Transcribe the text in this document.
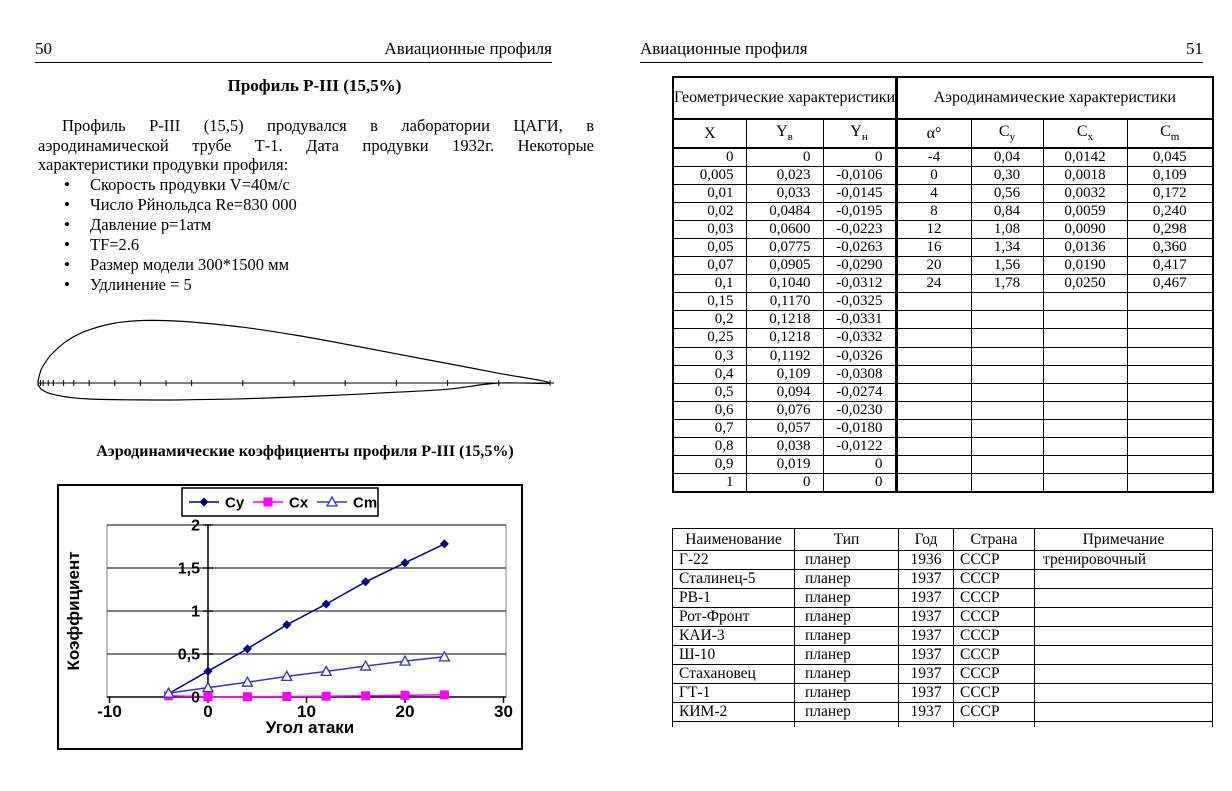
50	Авиационные профиля
Профиль Р-III (15,5%)
Профиль Р-III (15,5) продувался в лаборатории ЦАГИ, в
аэродинамической трубе Т-1. Дата продувки 1932г. Некоторые
характеристики продувки профиля:
• Скорость продувки V=40м/с
• Число Рйнольдса Re=830 000
• Давление р=1атм
• TF=2.6
• Размер модели 300*1500 мм
• Удлинение = 5
Аэродинамические коэффициенты профиля Р-III (15,5%)
0
0,5
1
1,5
2
-10	0	10	20	30
Угол атаки
Коэффициент
Cy	Cx	Cm
Авиационные профиля	51
Геометрические характеристики			Аэродинамические характеристики			
X	$Y_в$	$Y_н$	α°	$C_y$	$C_x$	$C_m$
0	0	0	-4	0,04	0,0142	0,045
0,005	0,023	-0,0106	0	0,30	0,0018	0,109
0,01	0,033	-0,0145	4	0,56	0,0032	0,172
0,02	0,0484	-0,0195	8	0,84	0,0059	0,240
0,03	0,0600	-0,0223	12	1,08	0,0090	0,298
0,05	0,0775	-0,0263	16	1,34	0,0136	0,360
0,07	0,0905	-0,0290	20	1,56	0,0190	0,417
0,1	0,1040	-0,0312	24	1,78	0,0250	0,467
0,15	0,1170	-0,0325				
0,2	0,1218	-0,0331				
0,25	0,1218	-0,0332				
0,3	0,1192	-0,0326				
0,4	0,109	-0,0308				
0,5	0,094	-0,0274				
0,6	0,076	-0,0230				
0,7	0,057	-0,0180				
0,8	0,038	-0,0122				
0,9	0,019	0				
1	0	0				
Наименование	Тип	Год	Страна	Примечание
Г-22	планер	1936	СССР	тренировочный
Сталинец-5	планер	1937	СССР	
РВ-1	планер	1937	СССР	
Рот-Фронт	планер	1937	СССР	
КАИ-3	планер	1937	СССР	
Ш-10	планер	1937	СССР	
Стахановец	планер	1937	СССР	
ГТ-1	планер	1937	СССР	
КИМ-2	планер	1937	СССР	
